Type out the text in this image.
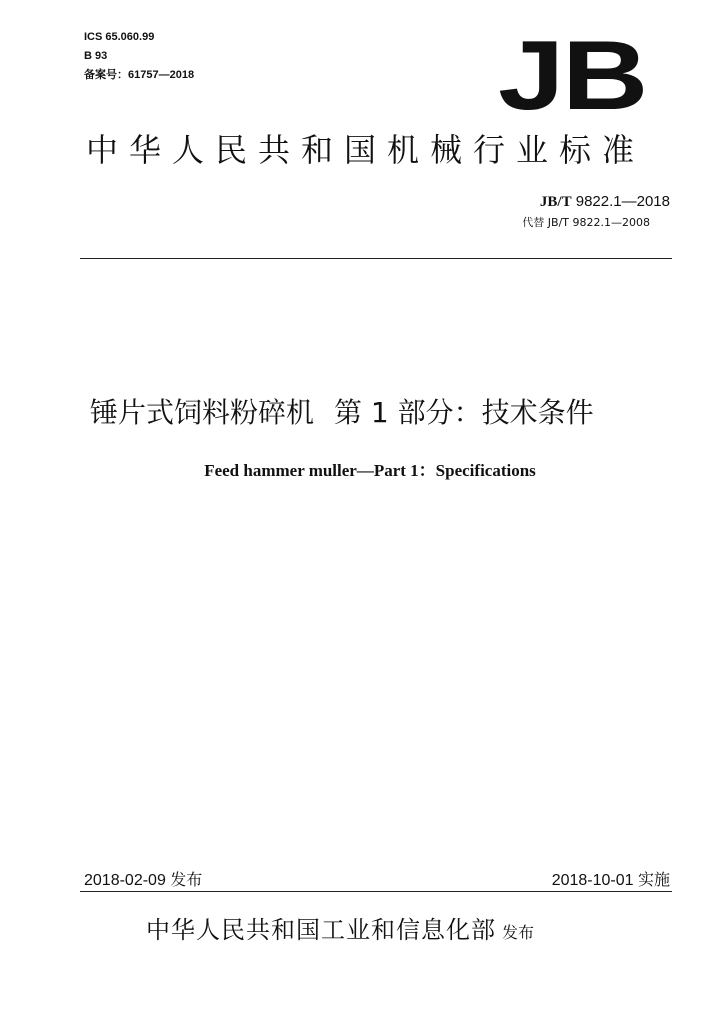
ICS 65.060.99
B 93
备案号：61757—2018	JB
中华人民共和国机械行业标准
JB/T 9822.1—2018
代替 JB/T 9822.1—2008
锤片式饲料粉碎机 第 1 部分：技术条件
Feed hammer muller—Part 1：Specifications
2018-02-09 发布	2018-10-01 实施
中华人民共和国工业和信息化部 发布
